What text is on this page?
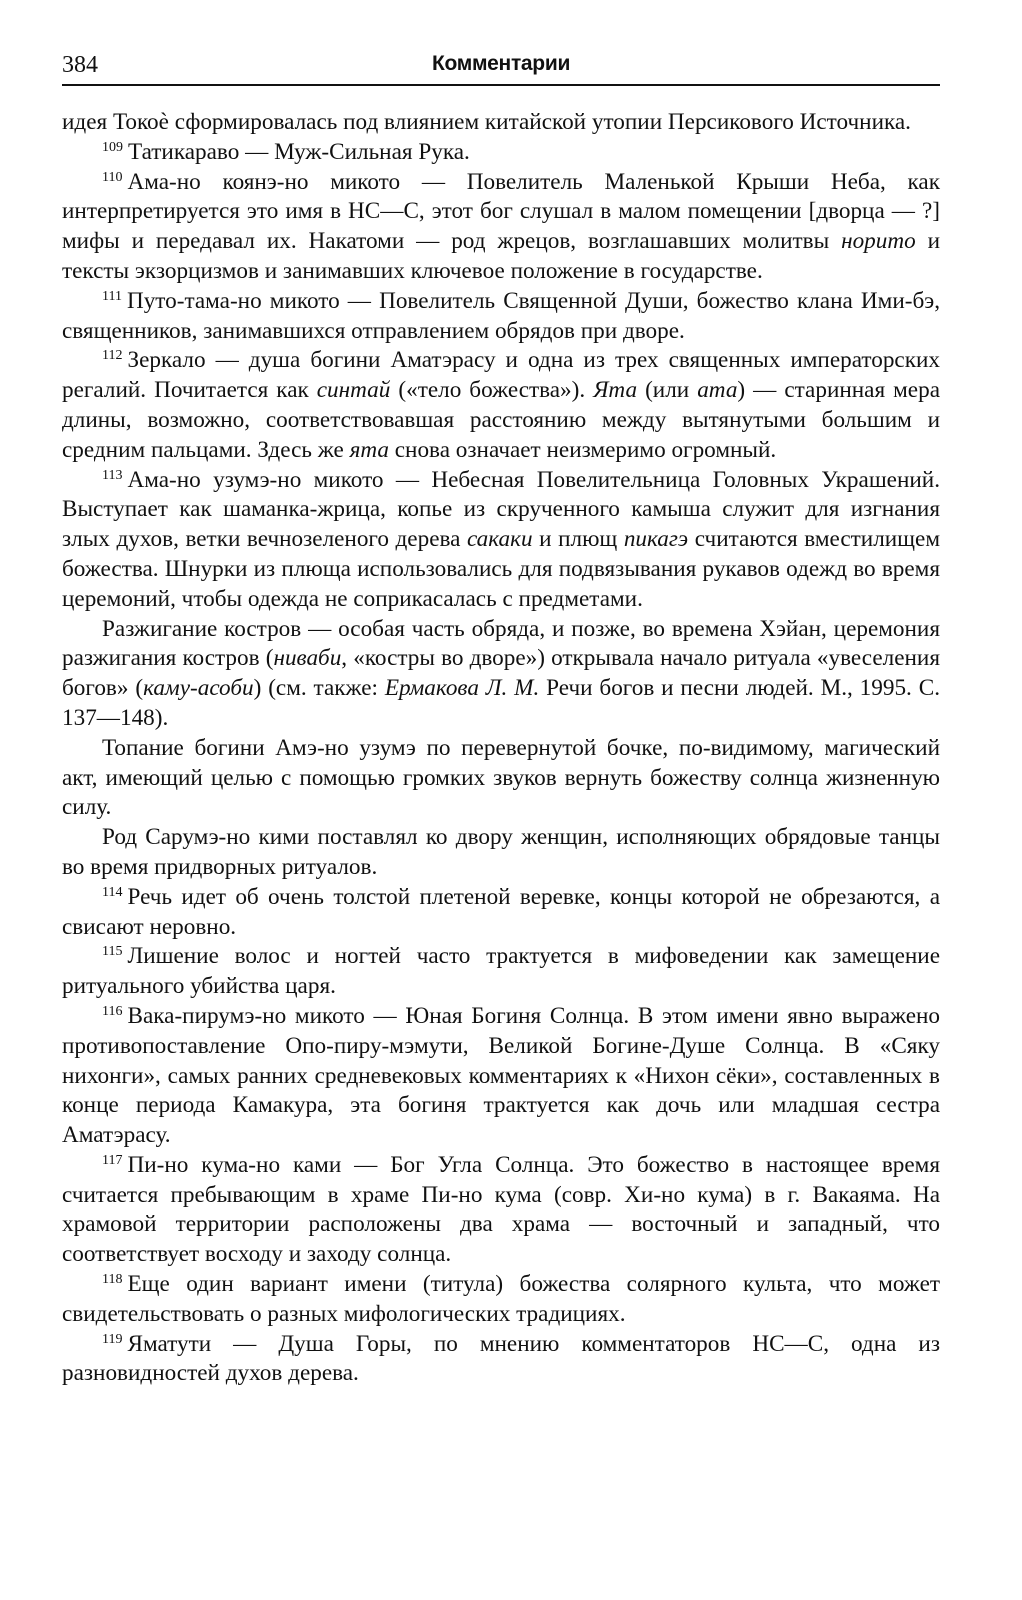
384	Комментарии

идея Токоѐ сформировалась под влиянием китайской утопии Персикового Источника.

$^{109}$ Татикараво — Муж-Сильная Рука.

$^{110}$ Ама-но коянэ-но микото — Повелитель Маленькой Крыши Неба, как интерпретируется это имя в НС—С, этот бог слушал в малом помещении [дворца — ?] мифы и передавал их. Накатоми — род жрецов, возглашавших молитвы норито и тексты экзорцизмов и занимавших ключевое положение в государстве.

$^{111}$ Путо-тама-но микото — Повелитель Священной Души, божество клана Ими-бэ, священников, занимавшихся отправлением обрядов при дворе.

$^{112}$ Зеркало — душа богини Аматэрасу и одна из трех священных императорских регалий. Почитается как синтай («тело божества»). Ята (или ата) — старинная мера длины, возможно, соответствовавшая расстоянию между вытянутыми большим и средним пальцами. Здесь же ята снова означает неизмеримо огромный.

$^{113}$ Ама-но узумэ-но микото — Небесная Повелительница Головных Украшений. Выступает как шаманка-жрица, копье из скрученного камыша служит для изгнания злых духов, ветки вечнозеленого дерева сакаки и плющ пикагэ считаются вместилищем божества. Шнурки из плюща использовались для подвязывания рукавов одежд во время церемоний, чтобы одежда не соприкасалась с предметами.

Разжигание костров — особая часть обряда, и позже, во времена Хэйан, церемония разжигания костров (ниваби, «костры во дворе») открывала начало ритуала «увеселения богов» (каму-асоби) (см. также: Ермакова Л. М. Речи богов и песни людей. М., 1995. С. 137—148).

Топание богини Амэ-но узумэ по перевернутой бочке, по-видимому, магический акт, имеющий целью с помощью громких звуков вернуть божеству солнца жизненную силу.

Род Сарумэ-но кими поставлял ко двору женщин, исполняющих обрядовые танцы во время придворных ритуалов.

$^{114}$ Речь идет об очень толстой плетеной веревке, концы которой не обрезаются, а свисают неровно.

$^{115}$ Лишение волос и ногтей часто трактуется в мифоведении как замещение ритуального убийства царя.

$^{116}$ Вака-пирумэ-но микото — Юная Богиня Солнца. В этом имени явно выражено противопоставление Опо-пиру-мэмути, Великой Богине-Душе Солнца. В «Сяку нихонги», самых ранних средневековых комментариях к «Нихон сёки», составленных в конце периода Камакура, эта богиня трактуется как дочь или младшая сестра Аматэрасу.

$^{117}$ Пи-но кума-но ками — Бог Угла Солнца. Это божество в настоящее время считается пребывающим в храме Пи-но кума (совр. Хи-но кума) в г. Вакаяма. На храмовой территории расположены два храма — восточный и западный, что соответствует восходу и заходу солнца.

$^{118}$ Еще один вариант имени (титула) божества солярного культа, что может свидетельствовать о разных мифологических традициях.

$^{119}$ Яматути — Душа Горы, по мнению комментаторов НС—С, одна из разновидностей духов дерева.
